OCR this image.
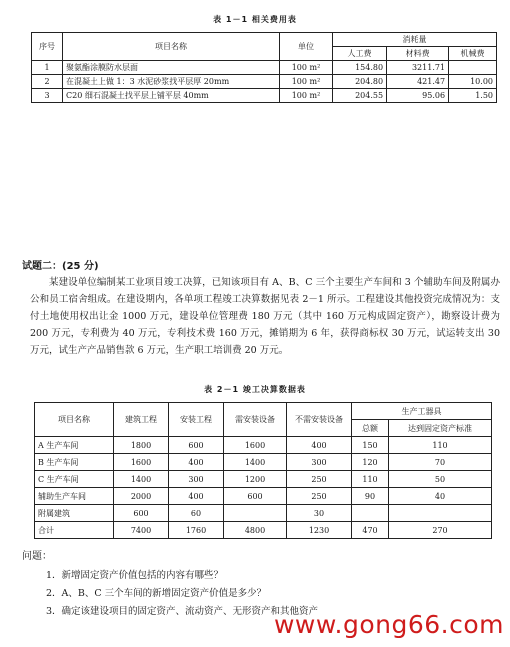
表 1－1 相关费用表
序号	项目名称	单位	消耗量		
			人工费	材料费	机械费
1	聚氨酯涂膜防水层面	100 m²	154.80	3211.71	
2	在混凝土上做 1：3 水泥砂浆找平层厚 20mm	100 m²	204.80	421.47	10.00
3	C20 细石混凝土找平层上铺平层 40mm	100 m²	204.55	95.06	1.50
试题二：(25 分)
某建设单位编制某工业项目竣工决算，已知该项目有 A、B、C 三个主要生产车间和 3 个辅助车间及附属办公和员工宿舍组成。在建设期内，各单项工程竣工决算数据见表 2－1 所示。工程建设其他投资完成情况为：支付土地使用权出让金 1000 万元，建设单位管理费 180 万元（其中 160 万元构成固定资产），勘察设计费为 200 万元，专利费为 40 万元，专利技术费 160 万元，摊销期为 6 年，获得商标权 30 万元，试运转支出 30 万元，试生产产品销售款 6 万元，生产职工培训费 20 万元。
表 2－1 竣工决算数据表
项目名称	建筑工程	安装工程	需安装设备	不需安装设备	生产工器具	
					总额	达到固定资产标准
A 生产车间	1800	600	1600	400	150	110
B 生产车间	1600	400	1400	300	120	70
C 生产车间	1400	300	1200	250	110	50
辅助生产车间	2000	400	600	250	90	40
附属建筑	600	60		30		
合计	7400	1760	4800	1230	470	270
问题：
1．新增固定资产价值包括的内容有哪些？
2．A、B、C 三个车间的新增固定资产价值是多少？
3．确定该建设项目的固定资产、流动资产、无形资产和其他资产
www.gong66.com
